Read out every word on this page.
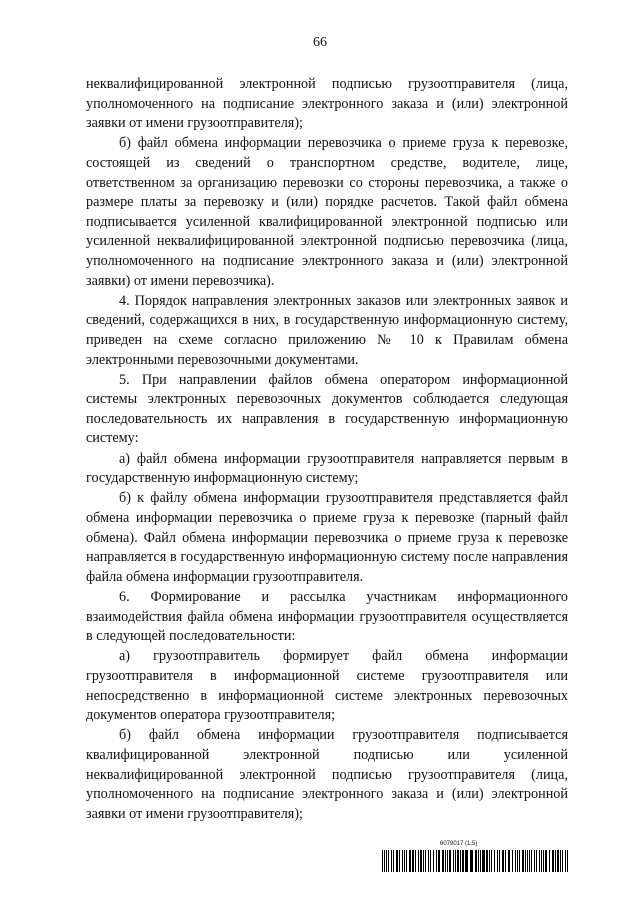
66

неквалифицированной электронной подписью грузоотправителя (лица, уполномоченного на подписание электронного заказа и (или) электронной заявки от имени грузоотправителя);

б) файл обмена информации перевозчика о приеме груза к перевозке, состоящей из сведений о транспортном средстве, водителе, лице, ответственном за организацию перевозки со стороны перевозчика, а также о размере платы за перевозку и (или) порядке расчетов. Такой файл обмена подписывается усиленной квалифицированной электронной подписью или усиленной неквалифицированной электронной подписью перевозчика (лица, уполномоченного на подписание электронного заказа и (или) электронной заявки) от имени перевозчика).

4. Порядок направления электронных заказов или электронных заявок и сведений, содержащихся в них, в государственную информационную систему, приведен на схеме согласно приложению № 10 к Правилам обмена электронными перевозочными документами.

5. При направлении файлов обмена оператором информационной системы электронных перевозочных документов соблюдается следующая последовательность их направления в государственную информационную систему:

а) файл обмена информации грузоотправителя направляется первым в государственную информационную систему;

б) к файлу обмена информации грузоотправителя представляется файл обмена информации перевозчика о приеме груза к перевозке (парный файл обмена). Файл обмена информации перевозчика о приеме груза к перевозке направляется в государственную информационную систему после направления файла обмена информации грузоотправителя.

6. Формирование и рассылка участникам информационного взаимодействия файла обмена информации грузоотправителя осуществляется в следующей последовательности:

а) грузоотправитель формирует файл обмена информации грузоотправителя в информационной системе грузоотправителя или непосредственно в информационной системе электронных перевозочных документов оператора грузоотправителя;

б) файл обмена информации грузоотправителя подписывается квалифицированной электронной подписью или усиленной неквалифицированной электронной подписью грузоотправителя (лица, уполномоченного на подписание электронного заказа и (или) электронной заявки от имени грузоотправителя);

6079017 (1.5)
